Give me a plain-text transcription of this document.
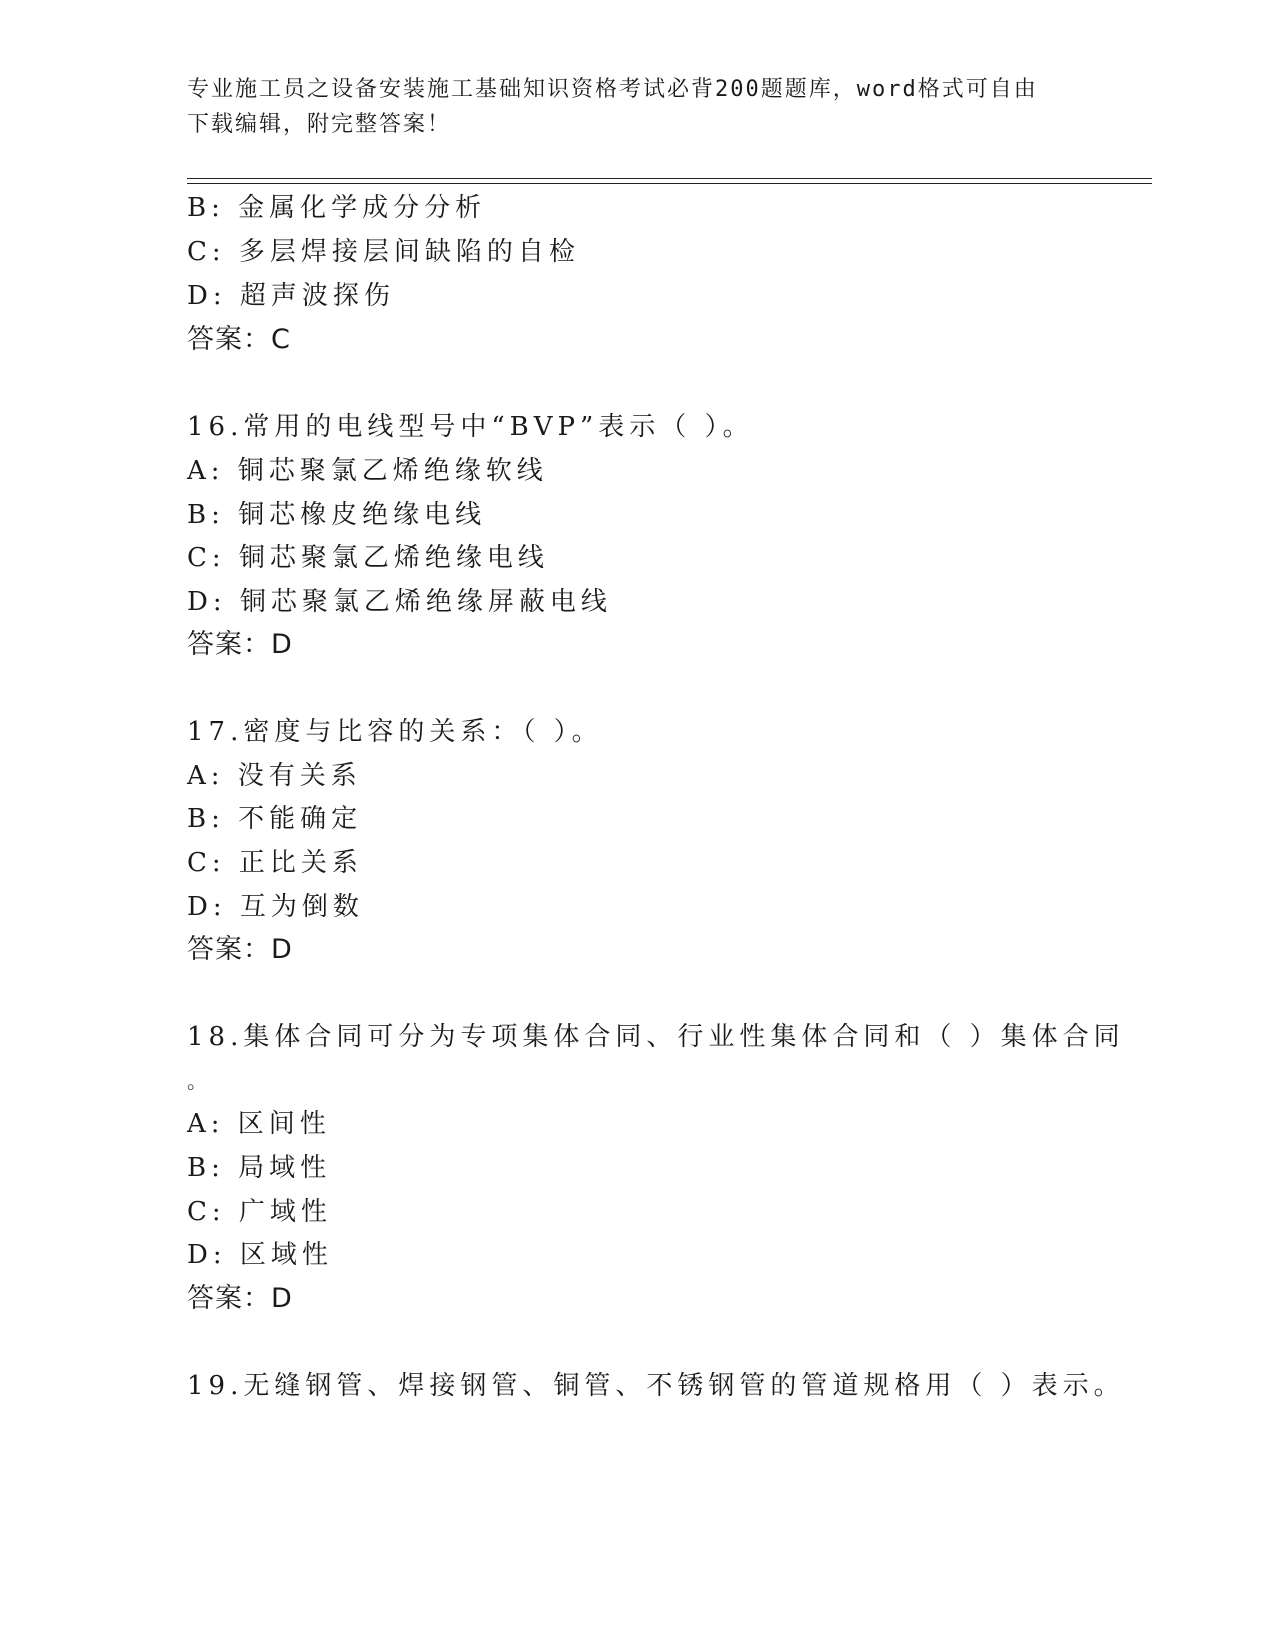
专业施工员之设备安装施工基础知识资格考试必背200题题库，word格式可自由
下载编辑，附完整答案！
B: 金属化学成分分析
C: 多层焊接层间缺陷的自检
D: 超声波探伤
答案：C
16.常用的电线型号中“BVP”表示（ ）。
A: 铜芯聚氯乙烯绝缘软线
B: 铜芯橡皮绝缘电线
C: 铜芯聚氯乙烯绝缘电线
D: 铜芯聚氯乙烯绝缘屏蔽电线
答案：D
17.密度与比容的关系：（ ）。
A: 没有关系
B: 不能确定
C: 正比关系
D: 互为倒数
答案：D
18.集体合同可分为专项集体合同、行业性集体合同和（ ）集体合同
。
A: 区间性
B: 局域性
C: 广域性
D: 区域性
答案：D
19.无缝钢管、焊接钢管、铜管、不锈钢管的管道规格用（ ）表示。
